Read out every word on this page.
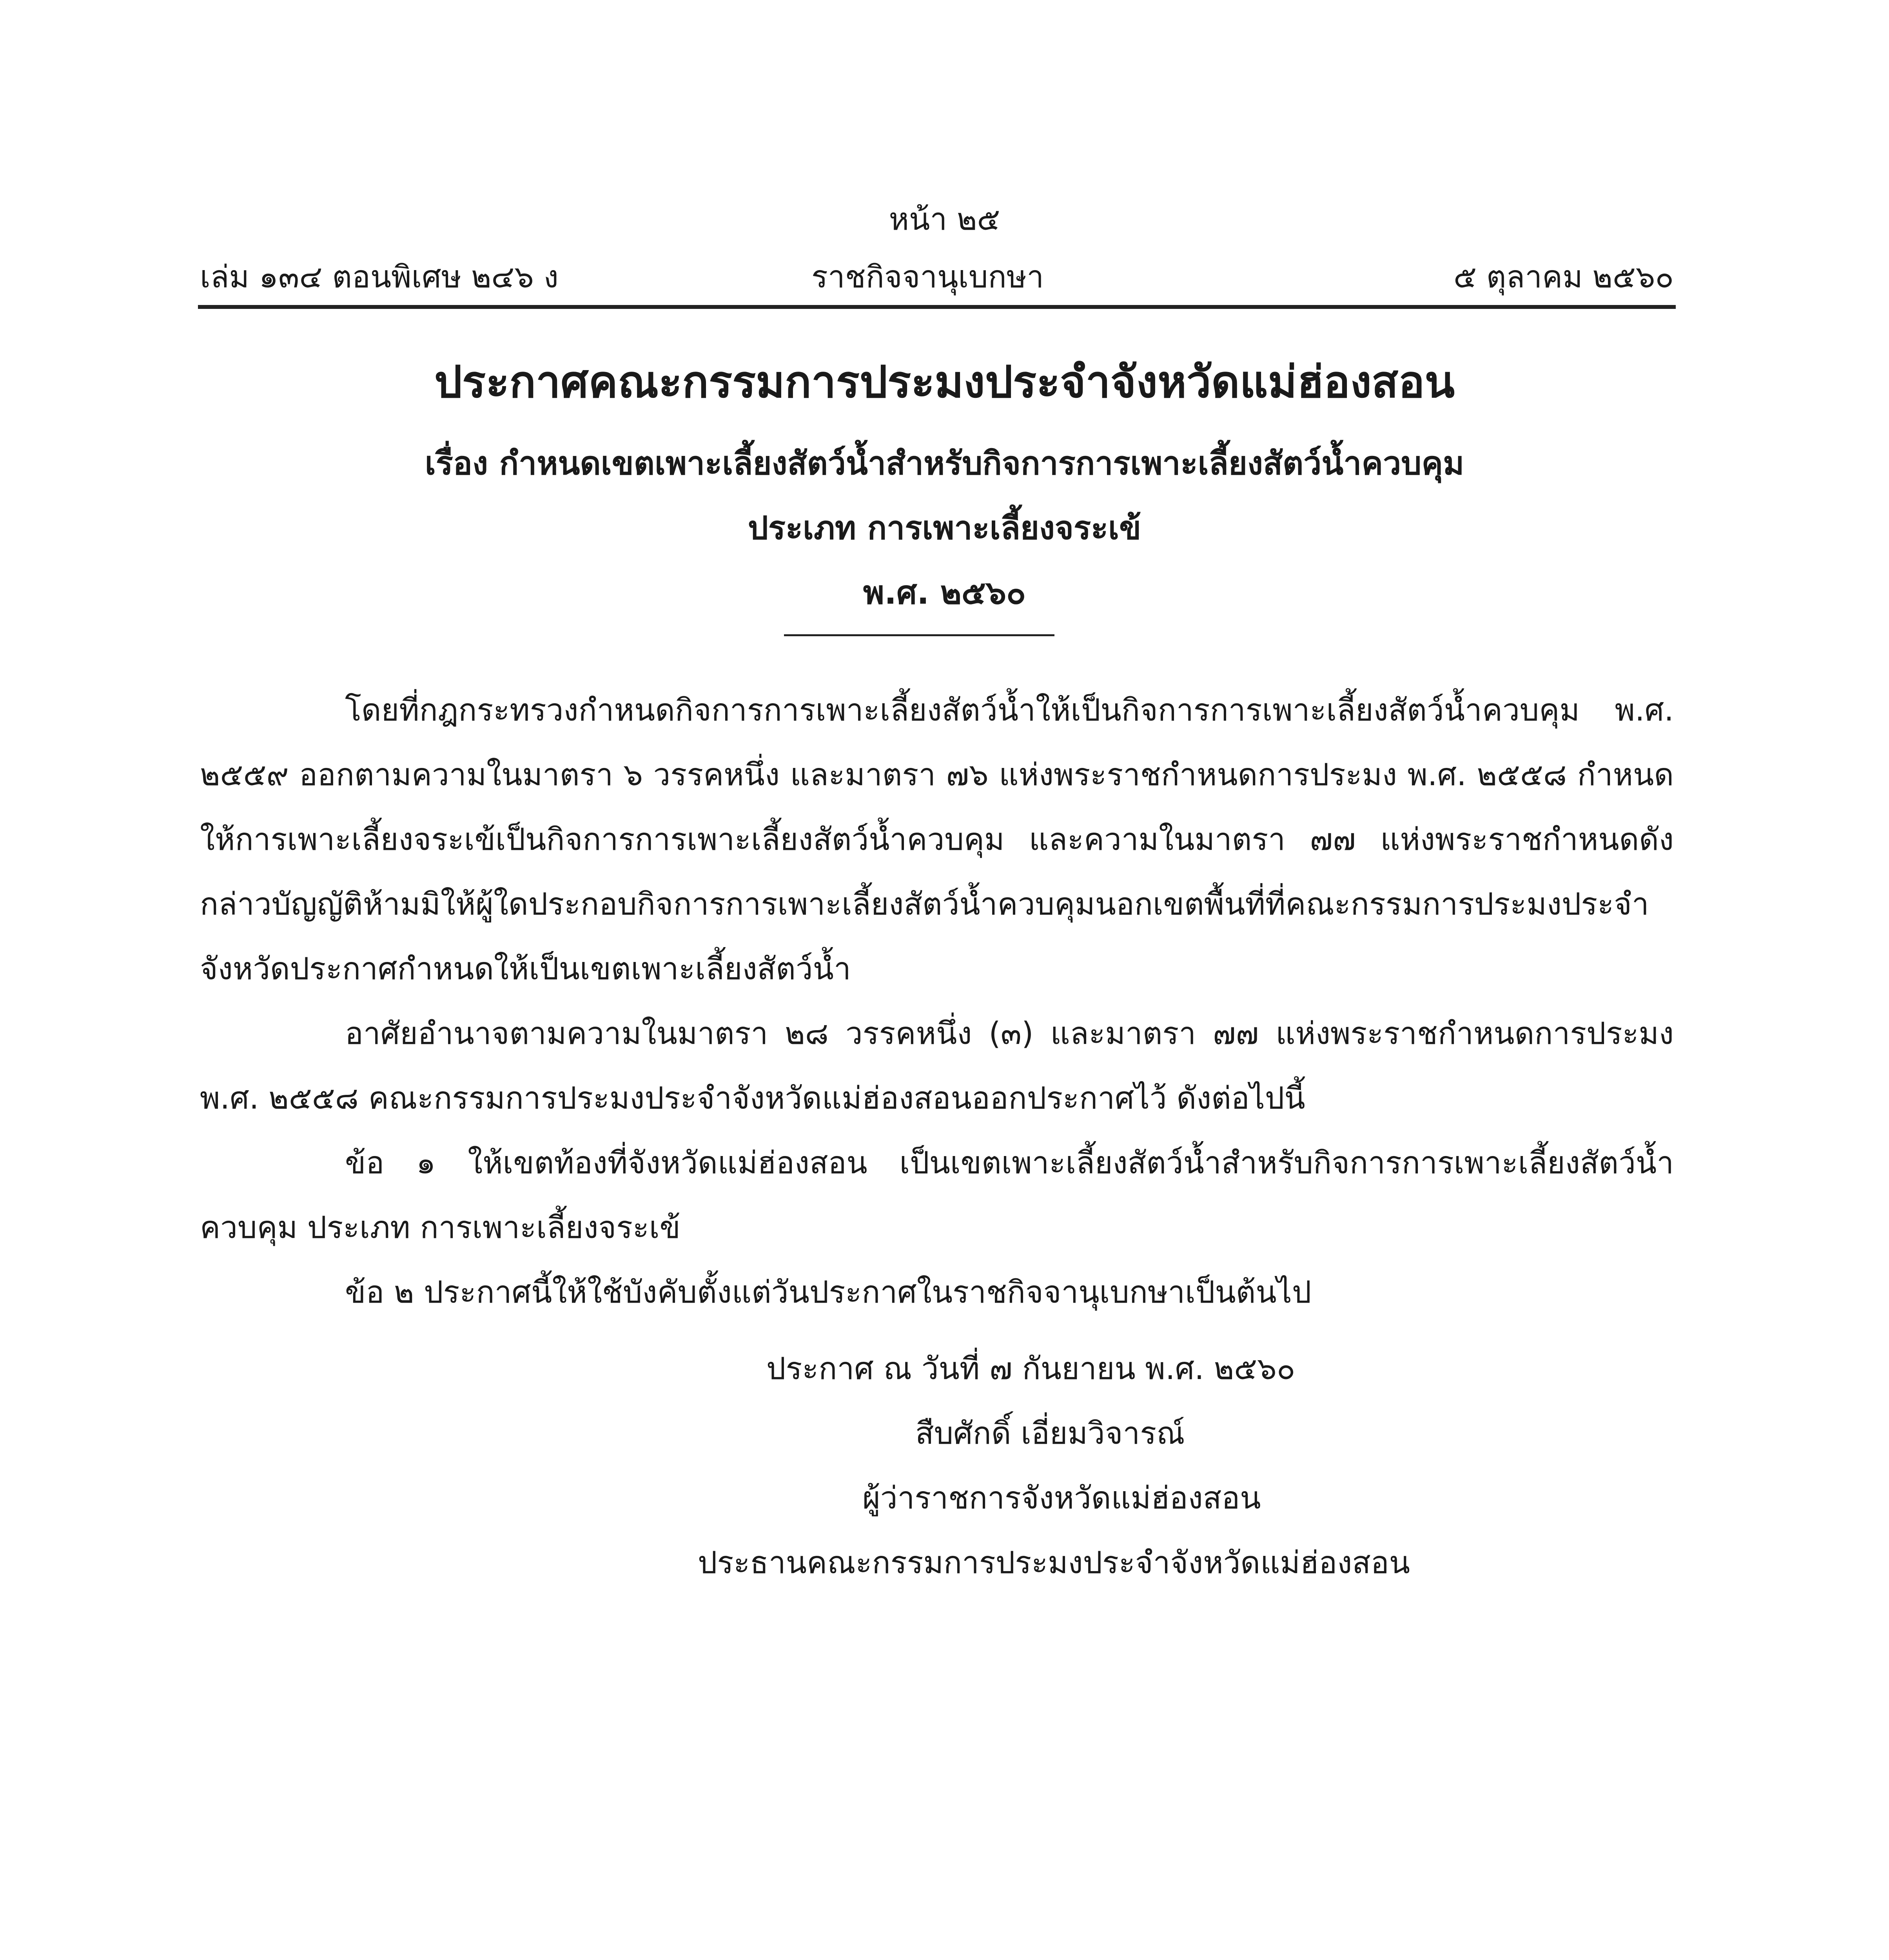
หน้า ๒๕
เล่ม ๑๓๔ ตอนพิเศษ ๒๔๖ ง	ราชกิจจานุเบกษา	๕ ตุลาคม ๒๕๖๐
ประกาศคณะกรรมการประมงประจำจังหวัดแม่ฮ่องสอน
เรื่อง กำหนดเขตเพาะเลี้ยงสัตว์น้ำสำหรับกิจการการเพาะเลี้ยงสัตว์น้ำควบคุม
ประเภท การเพาะเลี้ยงจระเข้
พ.ศ. ๒๕๖๐

โดยที่กฎกระทรวงกำหนดกิจการการเพาะเลี้ยงสัตว์น้ำให้เป็นกิจการการเพาะเลี้ยงสัตว์น้ำควบคุม พ.ศ. ๒๕๕๙ ออกตามความในมาตรา ๖ วรรคหนึ่ง และมาตรา ๗๖ แห่งพระราชกำหนดการประมง พ.ศ. ๒๕๕๘ กำหนดให้การเพาะเลี้ยงจระเข้เป็นกิจการการเพาะเลี้ยงสัตว์น้ำควบคุม และความในมาตรา ๗๗ แห่งพระราชกำหนดดังกล่าวบัญญัติห้ามมิให้ผู้ใดประกอบกิจการการเพาะเลี้ยงสัตว์น้ำควบคุมนอกเขตพื้นที่ที่คณะกรรมการประมงประจำจังหวัดประกาศกำหนดให้เป็นเขตเพาะเลี้ยงสัตว์น้ำ

อาศัยอำนาจตามความในมาตรา ๒๘ วรรคหนึ่ง (๓) และมาตรา ๗๗ แห่งพระราชกำหนดการประมง พ.ศ. ๒๕๕๘ คณะกรรมการประมงประจำจังหวัดแม่ฮ่องสอนออกประกาศไว้ ดังต่อไปนี้

ข้อ ๑ ให้เขตท้องที่จังหวัดแม่ฮ่องสอน เป็นเขตเพาะเลี้ยงสัตว์น้ำสำหรับกิจการการเพาะเลี้ยงสัตว์น้ำควบคุม ประเภท การเพาะเลี้ยงจระเข้

ข้อ ๒ ประกาศนี้ให้ใช้บังคับตั้งแต่วันประกาศในราชกิจจานุเบกษาเป็นต้นไป

ประกาศ ณ วันที่ ๗ กันยายน พ.ศ. ๒๕๖๐
สืบศักดิ์ เอี่ยมวิจารณ์
ผู้ว่าราชการจังหวัดแม่ฮ่องสอน
ประธานคณะกรรมการประมงประจำจังหวัดแม่ฮ่องสอน
